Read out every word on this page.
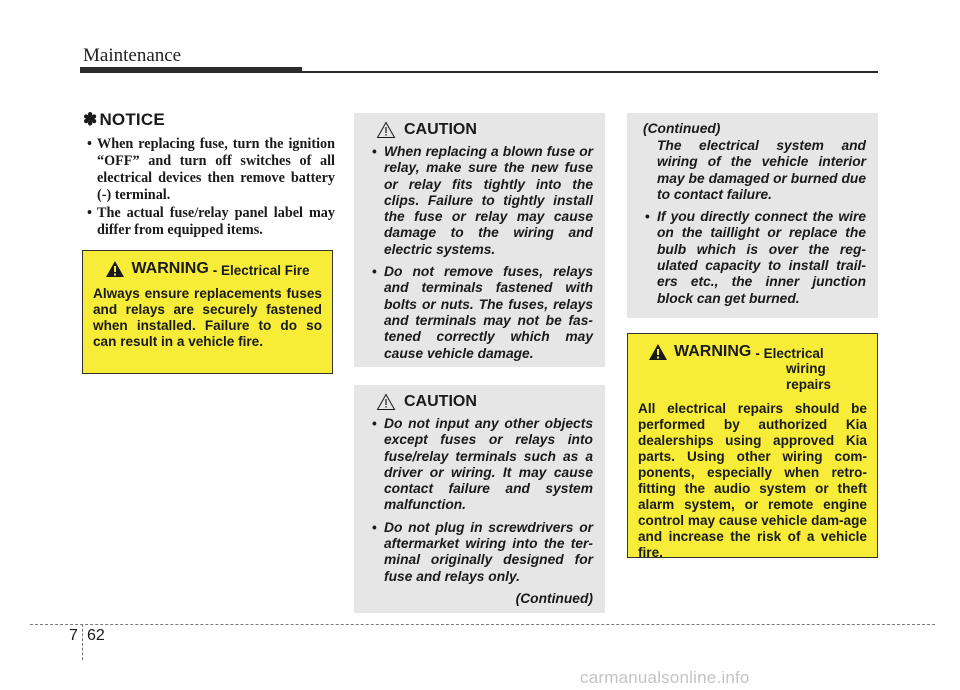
Maintenance
✽ NOTICE
• When replacing fuse, turn the ignition “OFF” and turn off switches of all electrical devices then remove battery (-) terminal.
• The actual fuse/relay panel label may differ from equipped items.
WARNING - Electrical Fire
Always ensure replacements fuses and relays are securely fastened when installed. Failure to do so can result in a vehicle fire.
CAUTION
• When replacing a blown fuse or relay, make sure the new fuse or relay fits tightly into the clips. Failure to tightly install the fuse or relay may cause damage to the wiring and electric systems.
• Do not remove fuses, relays and terminals fastened with bolts or nuts. The fuses, relays and terminals may not be fas-tened correctly which may cause vehicle damage.
CAUTION
• Do not input any other objects except fuses or relays into fuse/relay terminals such as a driver or wiring. It may cause contact failure and system malfunction.
• Do not plug in screwdrivers or aftermarket wiring into the ter-minal originally designed for fuse and relays only.
(Continued)
(Continued)
The electrical system and wiring of the vehicle interior may be damaged or burned due to contact failure.
• If you directly connect the wire on the taillight or replace the bulb which is over the reg-ulated capacity to install trail-ers etc., the inner junction block can get burned.
WARNING - Electrical
wiring repairs
All electrical repairs should be performed by authorized Kia dealerships using approved Kia parts. Using other wiring com-ponents, especially when retro-fitting the audio system or theft alarm system, or remote engine control may cause vehicle dam-age and increase the risk of a vehicle fire.
7 62
carmanualsonline.info
